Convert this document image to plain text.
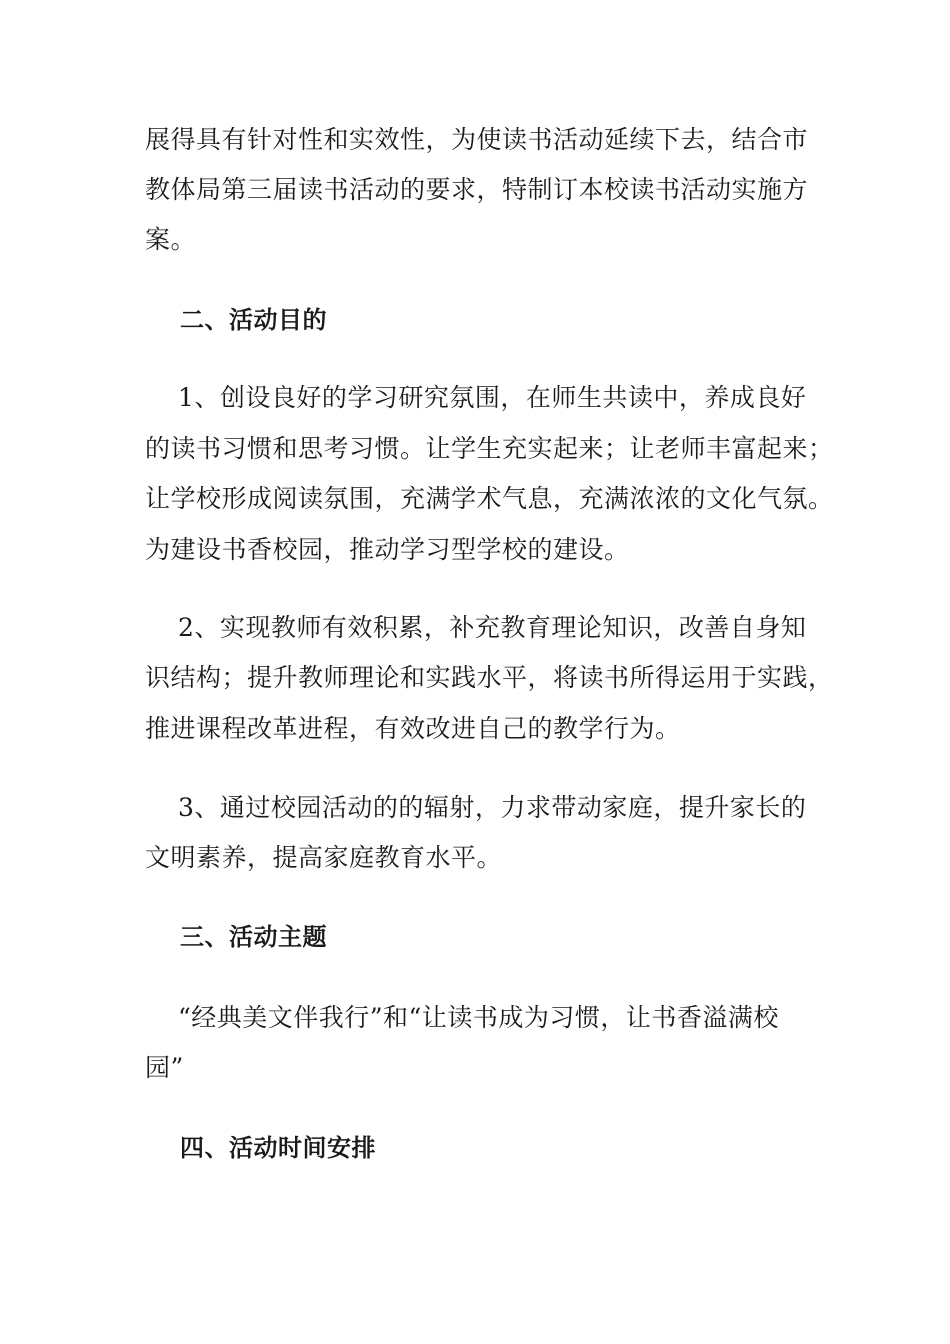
展得具有针对性和实效性，为使读书活动延续下去，结合市
教体局第三届读书活动的要求，特制订本校读书活动实施方
案。
二、活动目的
1、创设良好的学习研究氛围，在师生共读中，养成良好
的读书习惯和思考习惯。让学生充实起来；让老师丰富起来；
让学校形成阅读氛围，充满学术气息，充满浓浓的文化气氛。
为建设书香校园，推动学习型学校的建设。
2、实现教师有效积累，补充教育理论知识，改善自身知
识结构；提升教师理论和实践水平，将读书所得运用于实践，
推进课程改革进程，有效改进自己的教学行为。
3、通过校园活动的的辐射，力求带动家庭，提升家长的
文明素养，提高家庭教育水平。
三、活动主题
“经典美文伴我行”和“让读书成为习惯，让书香溢满校
园”
四、活动时间安排
